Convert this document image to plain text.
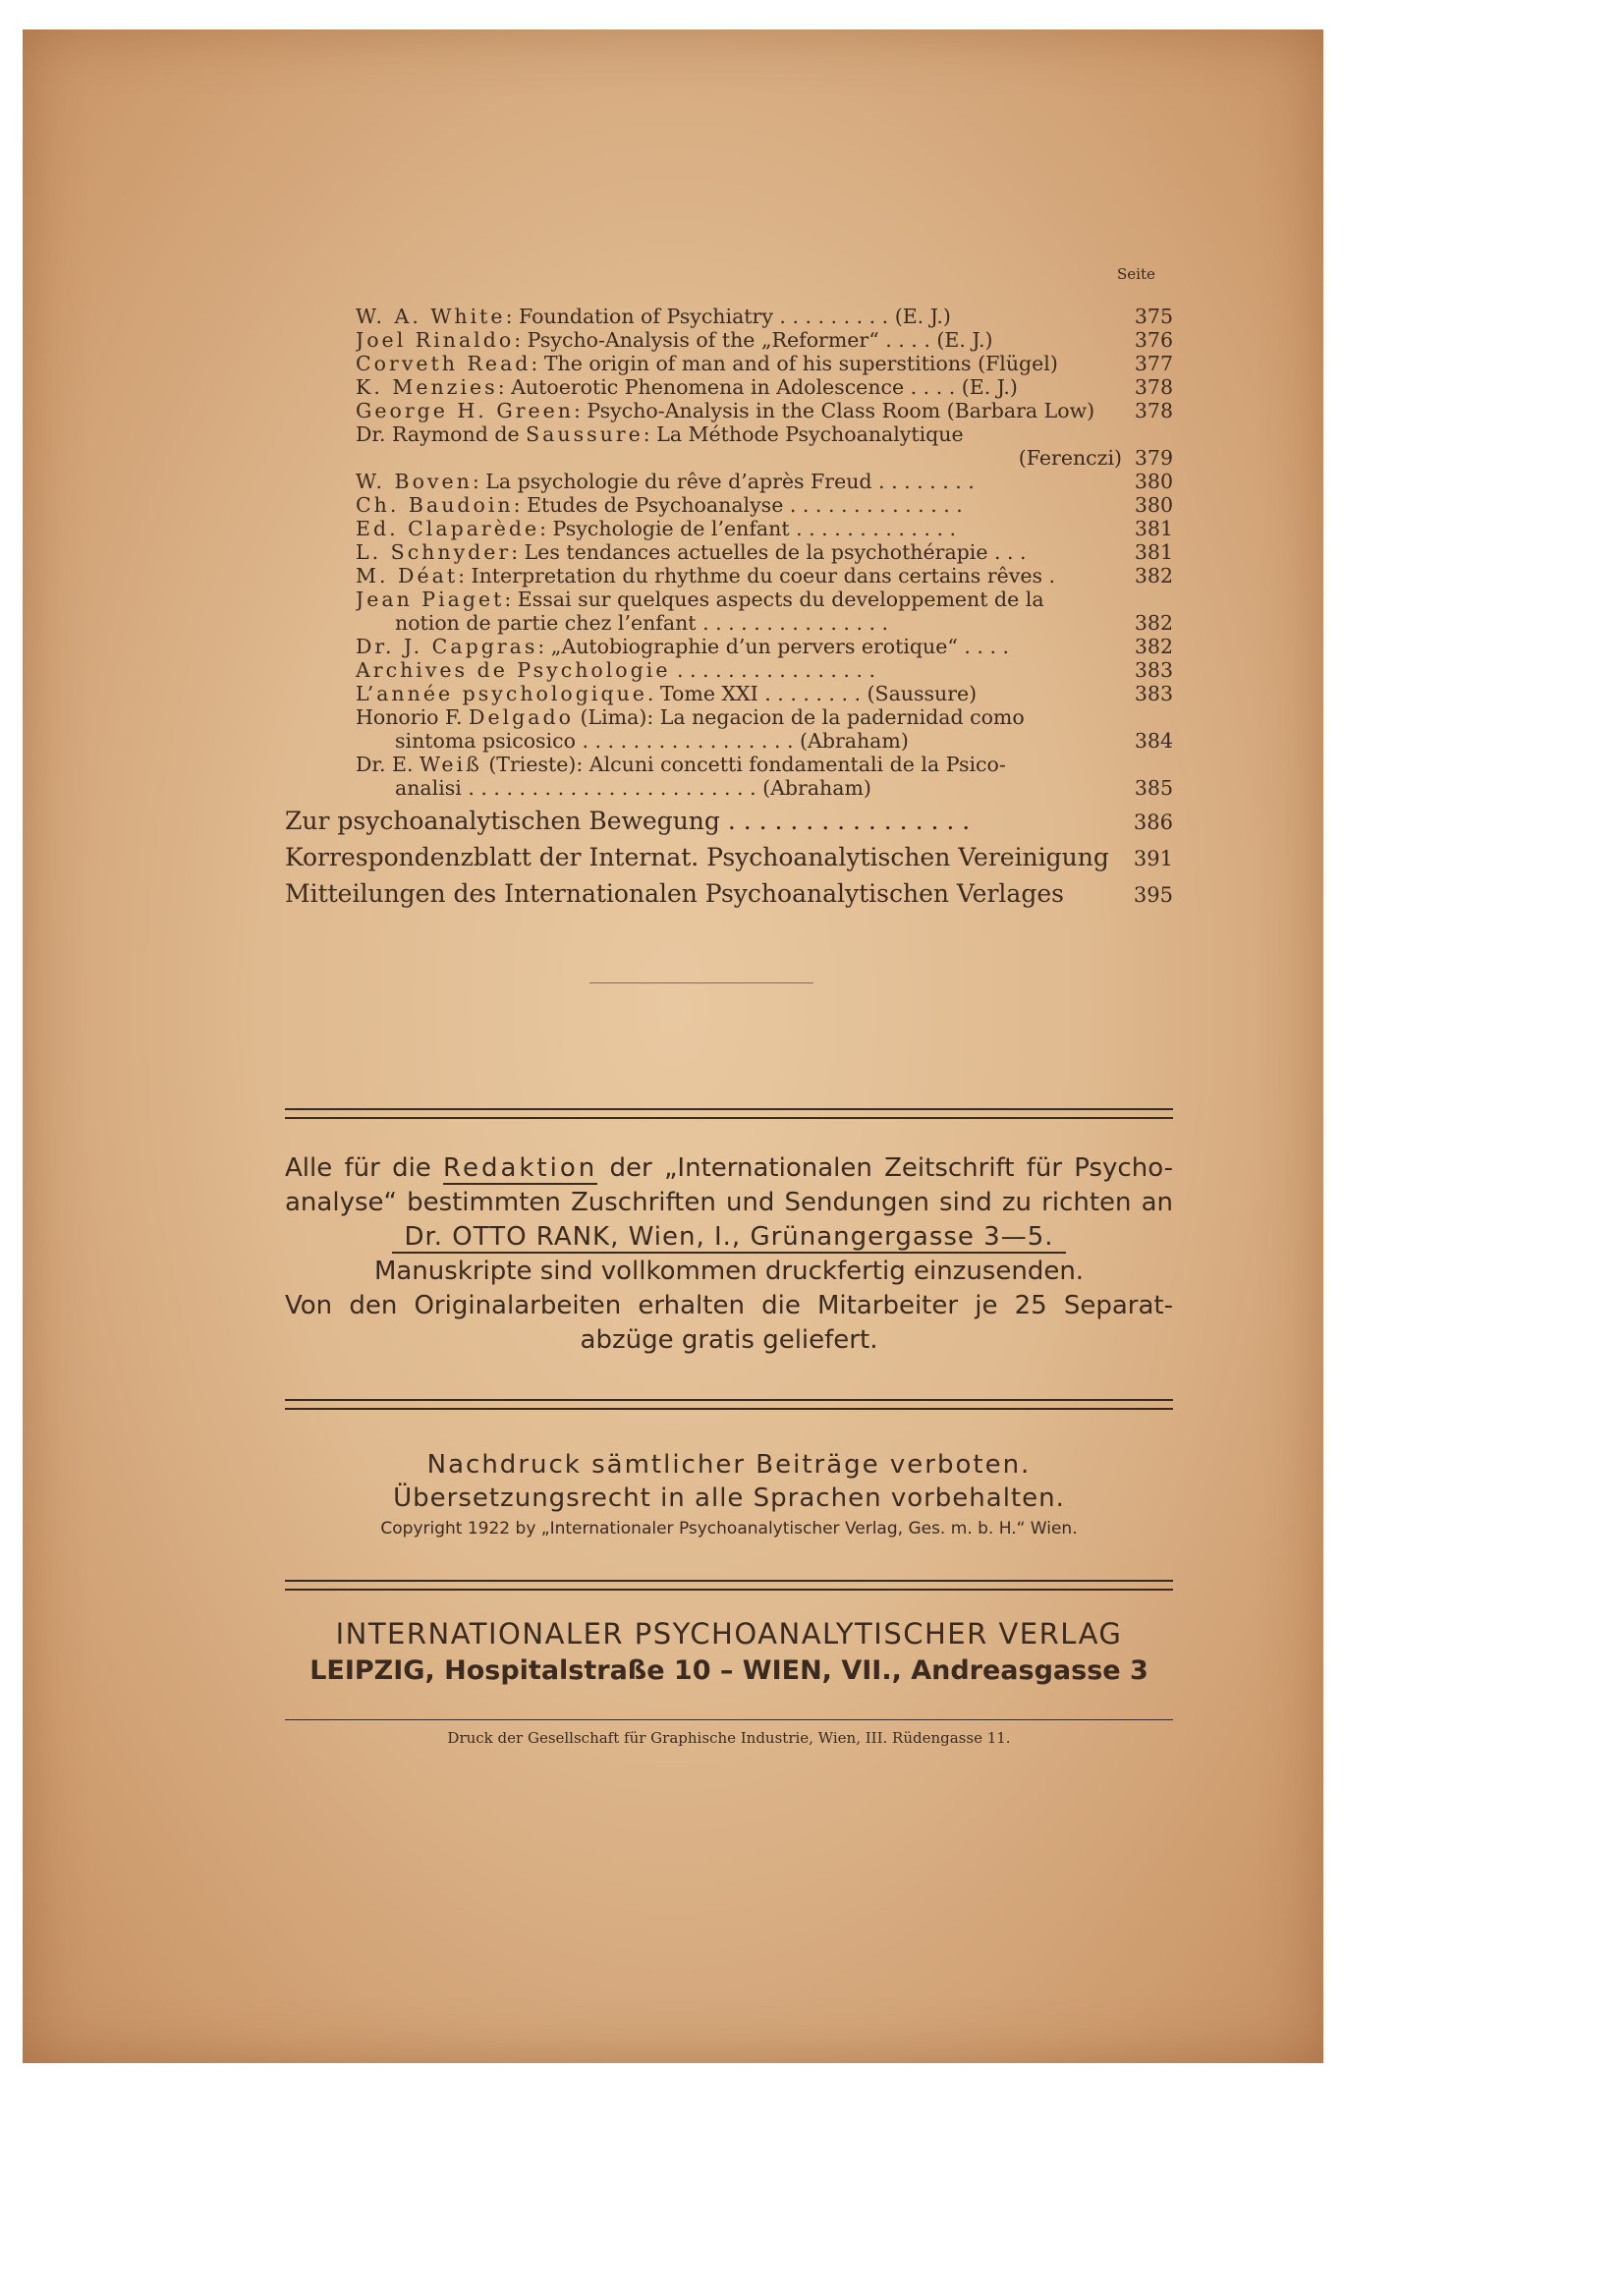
Seite
W. A. White: Foundation of Psychiatry . . . . . . . . . (E. J.)	375
Joel Rinaldo: Psycho-Analysis of the „Reformer“ . . . . (E. J.)	376
Corveth Read: The origin of man and of his superstitions (Flügel)	377
K. Menzies: Autoerotic Phenomena in Adolescence . . . . (E. J.)	378
George H. Green: Psycho-Analysis in the Class Room (Barbara Low)	378
Dr. Raymond de Saussure: La Méthode Psychoanalytique
(Ferenczi) 379
W. Boven: La psychologie du rêve d’après Freud . . . . . . . .	380
Ch. Baudoin: Etudes de Psychoanalyse . . . . . . . . . . . . . .	380
Ed. Claparède: Psychologie de l’enfant . . . . . . . . . . . . .	381
L. Schnyder: Les tendances actuelles de la psychothérapie . . .	381
M. Déat: Interpretation du rhythme du coeur dans certains rêves .	382
Jean Piaget: Essai sur quelques aspects du developpement de la
notion de partie chez l’enfant . . . . . . . . . . . . . . .	382
Dr. J. Capgras: „Autobiographie d’un pervers erotique“ . . . .	382
Archives de Psychologie . . . . . . . . . . . . . . . .	383
L’année psychologique. Tome XXI . . . . . . . . (Saussure)	383
Honorio F. Delgado (Lima): La negacion de la padernidad como
sintoma psicosico . . . . . . . . . . . . . . . . . (Abraham)	384
Dr. E. Weiß (Trieste): Alcuni concetti fondamentali de la Psico-
analisi . . . . . . . . . . . . . . . . . . . . . . . (Abraham)	385
Zur psychoanalytischen Bewegung . . . . . . . . . . . . . . . .	386
Korrespondenzblatt der Internat. Psychoanalytischen Vereinigung	391
Mitteilungen des Internationalen Psychoanalytischen Verlages	395
Alle für die Redaktion der „Internationalen Zeitschrift für Psycho-
analyse“ bestimmten Zuschriften und Sendungen sind zu richten an
Dr. OTTO RANK, Wien, I., Grünangergasse 3—5.
Manuskripte sind vollkommen druckfertig einzusenden.
Von den Originalarbeiten erhalten die Mitarbeiter je 25 Separat-
abzüge gratis geliefert.
Nachdruck sämtlicher Beiträge verboten.
Übersetzungsrecht in alle Sprachen vorbehalten.
Copyright 1922 by „Internationaler Psychoanalytischer Verlag, Ges. m. b. H.“ Wien.
INTERNATIONALER PSYCHOANALYTISCHER VERLAG
LEIPZIG, Hospitalstraße 10 – WIEN, VII., Andreasgasse 3
Druck der Gesellschaft für Graphische Industrie, Wien, III. Rüdengasse 11.
